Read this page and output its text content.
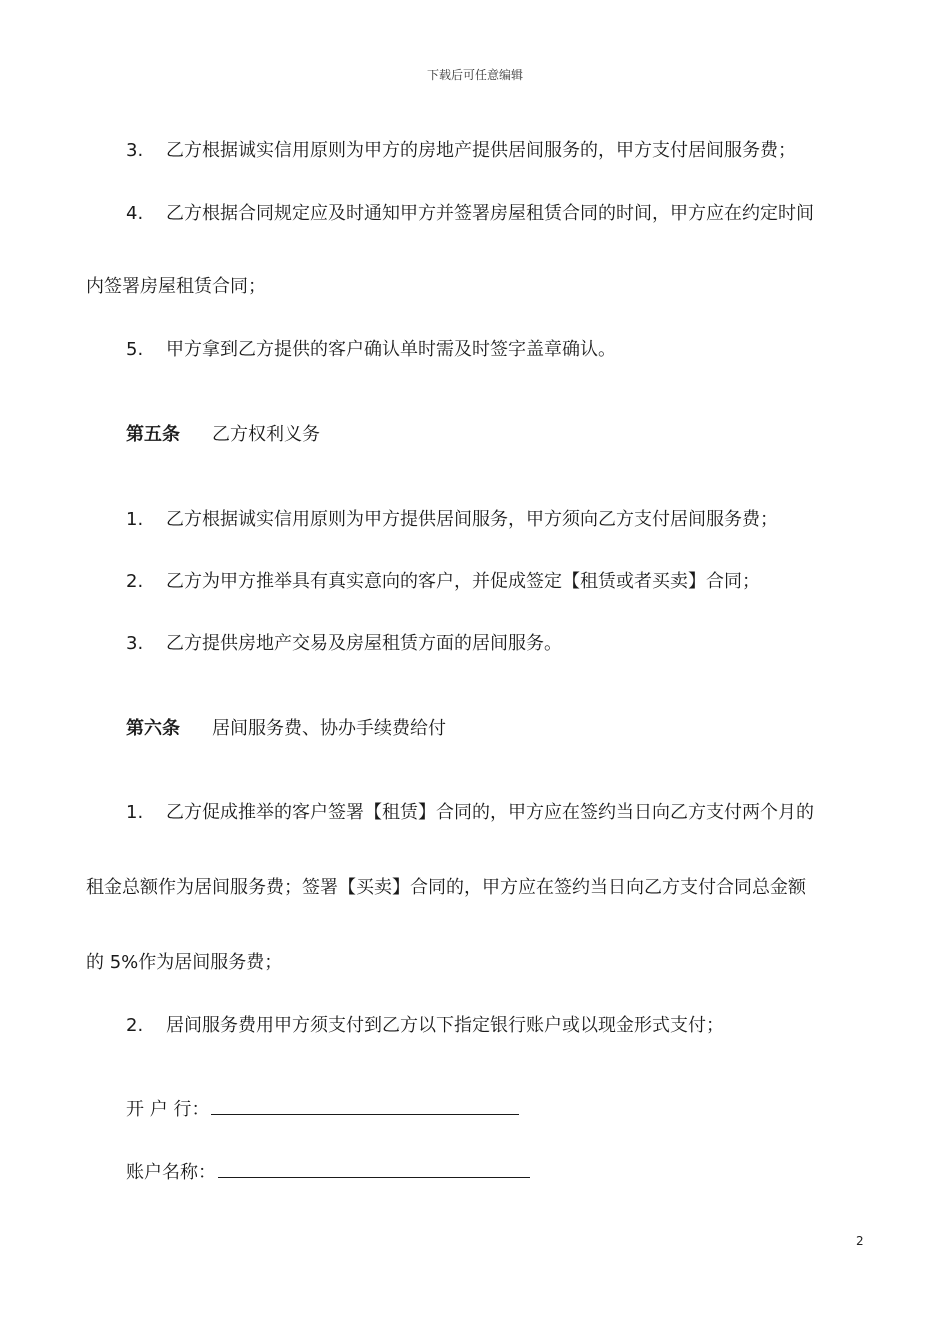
下载后可任意编辑
3. 乙方根据诚实信用原则为甲方的房地产提供居间服务的，甲方支付居间服务费；
4. 乙方根据合同规定应及时通知甲方并签署房屋租赁合同的时间，甲方应在约定时间
内签署房屋租赁合同；
5. 甲方拿到乙方提供的客户确认单时需及时签字盖章确认。
第五条 乙方权利义务
1. 乙方根据诚实信用原则为甲方提供居间服务，甲方须向乙方支付居间服务费；
2. 乙方为甲方推举具有真实意向的客户，并促成签定【租赁或者买卖】合同；
3. 乙方提供房地产交易及房屋租赁方面的居间服务。
第六条 居间服务费、协办手续费给付
1. 乙方促成推举的客户签署【租赁】合同的，甲方应在签约当日向乙方支付两个月的
租金总额作为居间服务费；签署【买卖】合同的，甲方应在签约当日向乙方支付合同总金额
的 5%作为居间服务费；
2. 居间服务费用甲方须支付到乙方以下指定银行账户或以现金形式支付；
开 户 行：
账户名称：
2
